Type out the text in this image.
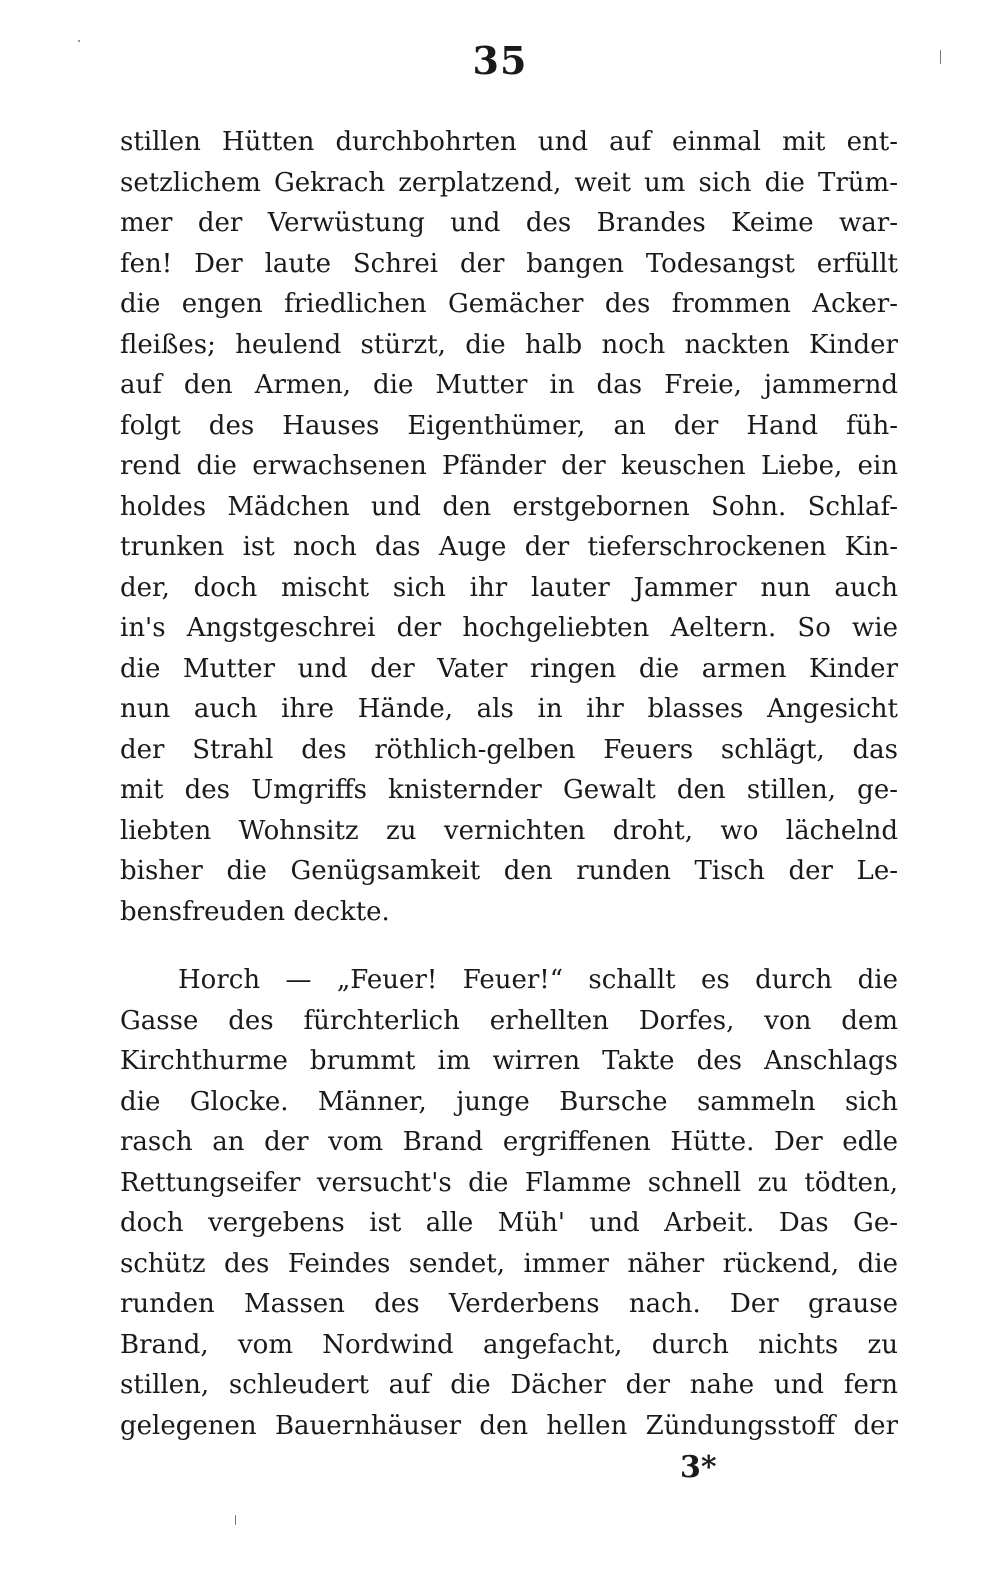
35
stillen Hütten durchbohrten und auf einmal mit ent-
setzlichem Gekrach zerplatzend, weit um sich die Trüm-
mer der Verwüstung und des Brandes Keime war-
fen! Der laute Schrei der bangen Todesangst erfüllt
die engen friedlichen Gemächer des frommen Acker-
fleißes; heulend stürzt, die halb noch nackten Kinder
auf den Armen, die Mutter in das Freie, jammernd
folgt des Hauses Eigenthümer, an der Hand füh-
rend die erwachsenen Pfänder der keuschen Liebe, ein
holdes Mädchen und den erstgebornen Sohn. Schlaf-
trunken ist noch das Auge der tieferschrockenen Kin-
der, doch mischt sich ihr lauter Jammer nun auch
in's Angstgeschrei der hochgeliebten Aeltern. So wie
die Mutter und der Vater ringen die armen Kinder
nun auch ihre Hände, als in ihr blasses Angesicht
der Strahl des röthlich-gelben Feuers schlägt, das
mit des Umgriffs knisternder Gewalt den stillen, ge-
liebten Wohnsitz zu vernichten droht, wo lächelnd
bisher die Genügsamkeit den runden Tisch der Le-
bensfreuden deckte.
Horch — „Feuer! Feuer!“ schallt es durch die
Gasse des fürchterlich erhellten Dorfes, von dem
Kirchthurme brummt im wirren Takte des Anschlags
die Glocke. Männer, junge Bursche sammeln sich
rasch an der vom Brand ergriffenen Hütte. Der edle
Rettungseifer versucht's die Flamme schnell zu tödten,
doch vergebens ist alle Müh' und Arbeit. Das Ge-
schütz des Feindes sendet, immer näher rückend, die
runden Massen des Verderbens nach. Der grause
Brand, vom Nordwind angefacht, durch nichts zu
stillen, schleudert auf die Dächer der nahe und fern
gelegenen Bauernhäuser den hellen Zündungsstoff der
3*
